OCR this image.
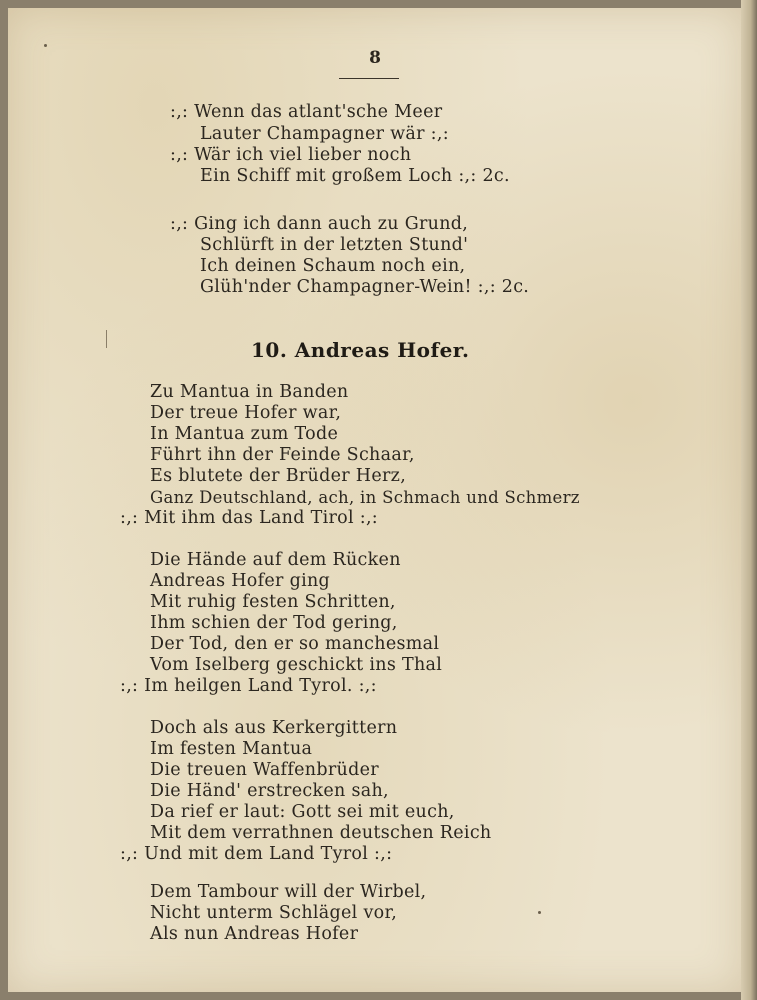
8
:,: Wenn das atlant'sche Meer
Lauter Champagner wär :,:
:,: Wär ich viel lieber noch
Ein Schiff mit großem Loch :,: 2c.
:,: Ging ich dann auch zu Grund,
Schlürft in der letzten Stund'
Ich deinen Schaum noch ein,
Glüh'nder Champagner-Wein! :,: 2c.
10. Andreas Hofer.
Zu Mantua in Banden
Der treue Hofer war,
In Mantua zum Tode
Führt ihn der Feinde Schaar,
Es blutete der Brüder Herz,
Ganz Deutschland, ach, in Schmach und Schmerz
:,: Mit ihm das Land Tirol :,:
Die Hände auf dem Rücken
Andreas Hofer ging
Mit ruhig festen Schritten,
Ihm schien der Tod gering,
Der Tod, den er so manchesmal
Vom Iselberg geschickt ins Thal
:,: Im heilgen Land Tyrol. :,:
Doch als aus Kerkergittern
Im festen Mantua
Die treuen Waffenbrüder
Die Händ' erstrecken sah,
Da rief er laut: Gott sei mit euch,
Mit dem verrathnen deutschen Reich
:,: Und mit dem Land Tyrol :,:
Dem Tambour will der Wirbel,
Nicht unterm Schlägel vor,
Als nun Andreas Hofer
